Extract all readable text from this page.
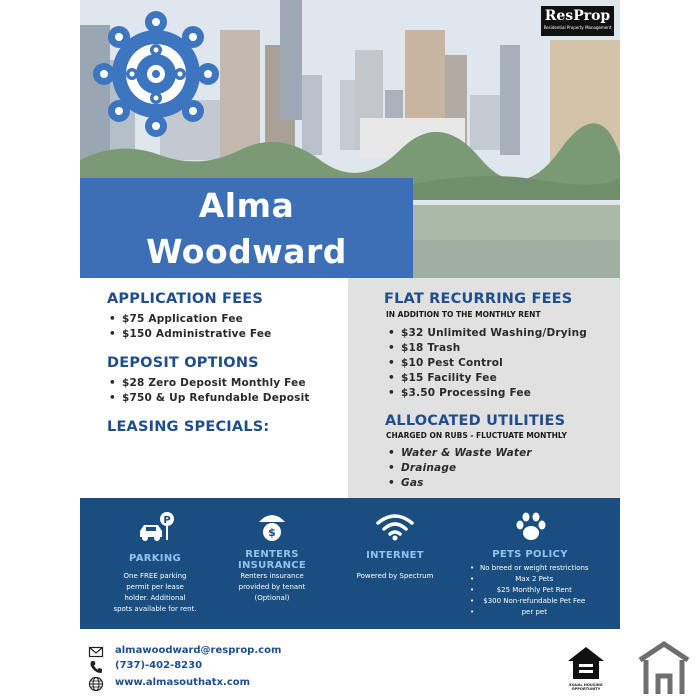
ResProp
Residential Property Management
Alma
Woodward
APPLICATION FEES
• $75 Application Fee
• $150 Administrative Fee
DEPOSIT OPTIONS
• $28 Zero Deposit Monthly Fee
• $750 & Up Refundable Deposit
LEASING SPECIALS:
FLAT RECURRING FEES
IN ADDITION TO THE MONTHLY RENT
• $32 Unlimited Washing/Drying
• $18 Trash
• $10 Pest Control
• $15 Facility Fee
• $3.50 Processing Fee
ALLOCATED UTILITIES
CHARGED ON RUBS - FLUCTUATE MONTHLY
• Water & Waste Water
• Drainage
• Gas
P
PARKING
One FREE parking
permit per lease
holder. Additional
spots available for rent.
$
RENTERS
INSURANCE
Renters insurance
provided by tenant
(Optional)
INTERNET
Powered by Spectrum
PETS POLICY
• No breed or weight restrictions
• Max 2 Pets
• $25 Monthly Pet Rent
• $300 Non-refundable Pet Fee
• per pet
almawoodward@resprop.com
(737)-402-8230
www.almasouthatx.com	EQUAL HOUSING
OPPORTUNITY
